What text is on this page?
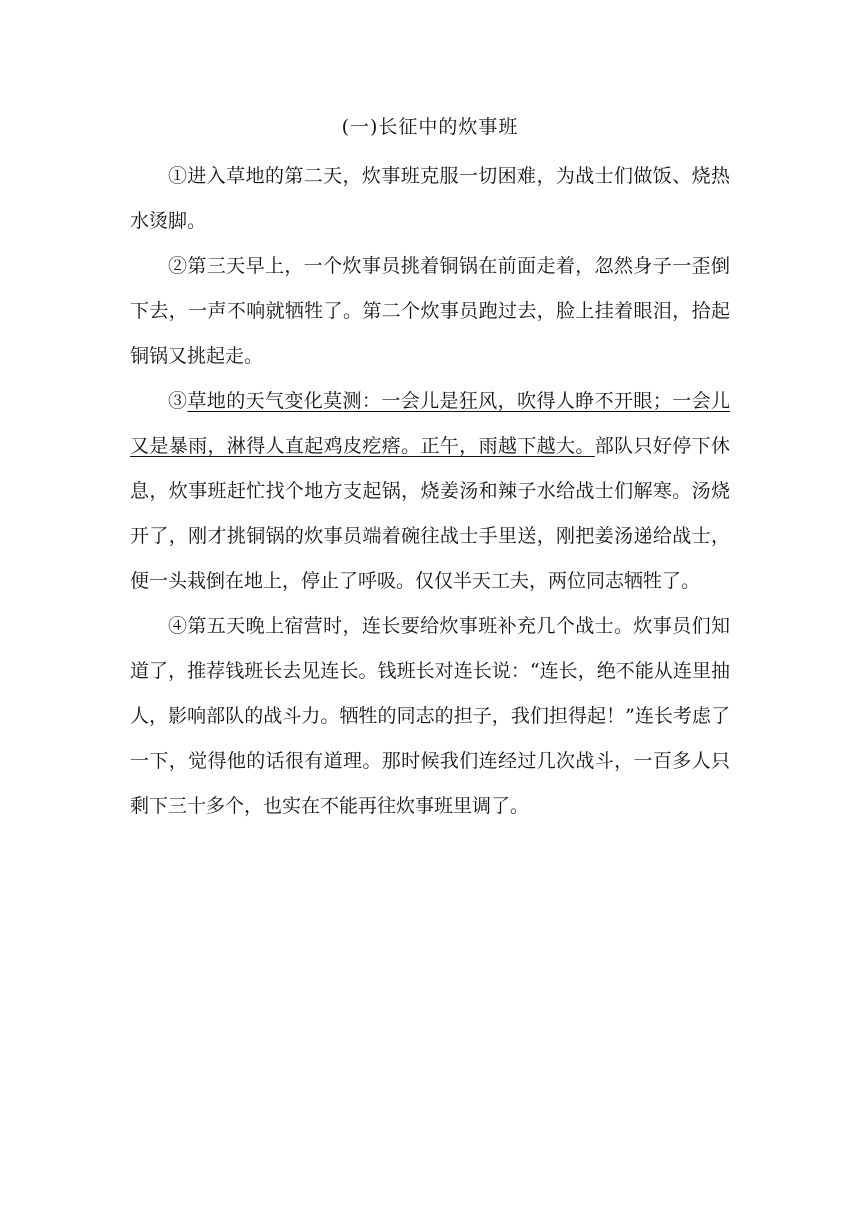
(一)长征中的炊事班

①进入草地的第二天，炊事班克服一切困难，为战士们做饭、烧热水烫脚。

②第三天早上，一个炊事员挑着铜锅在前面走着，忽然身子一歪倒下去，一声不响就牺牲了。第二个炊事员跑过去，脸上挂着眼泪，拾起铜锅又挑起走。

③草地的天气变化莫测：一会儿是狂风，吹得人睁不开眼；一会儿又是暴雨，淋得人直起鸡皮疙瘩。正午，雨越下越大。部队只好停下休息，炊事班赶忙找个地方支起锅，烧姜汤和辣子水给战士们解寒。汤烧开了，刚才挑铜锅的炊事员端着碗往战士手里送，刚把姜汤递给战士，便一头栽倒在地上，停止了呼吸。仅仅半天工夫，两位同志牺牲了。

④第五天晚上宿营时，连长要给炊事班补充几个战士。炊事员们知道了，推荐钱班长去见连长。钱班长对连长说：“连长，绝不能从连里抽人，影响部队的战斗力。牺牲的同志的担子，我们担得起！”连长考虑了一下，觉得他的话很有道理。那时候我们连经过几次战斗，一百多人只剩下三十多个，也实在不能再往炊事班里调了。
